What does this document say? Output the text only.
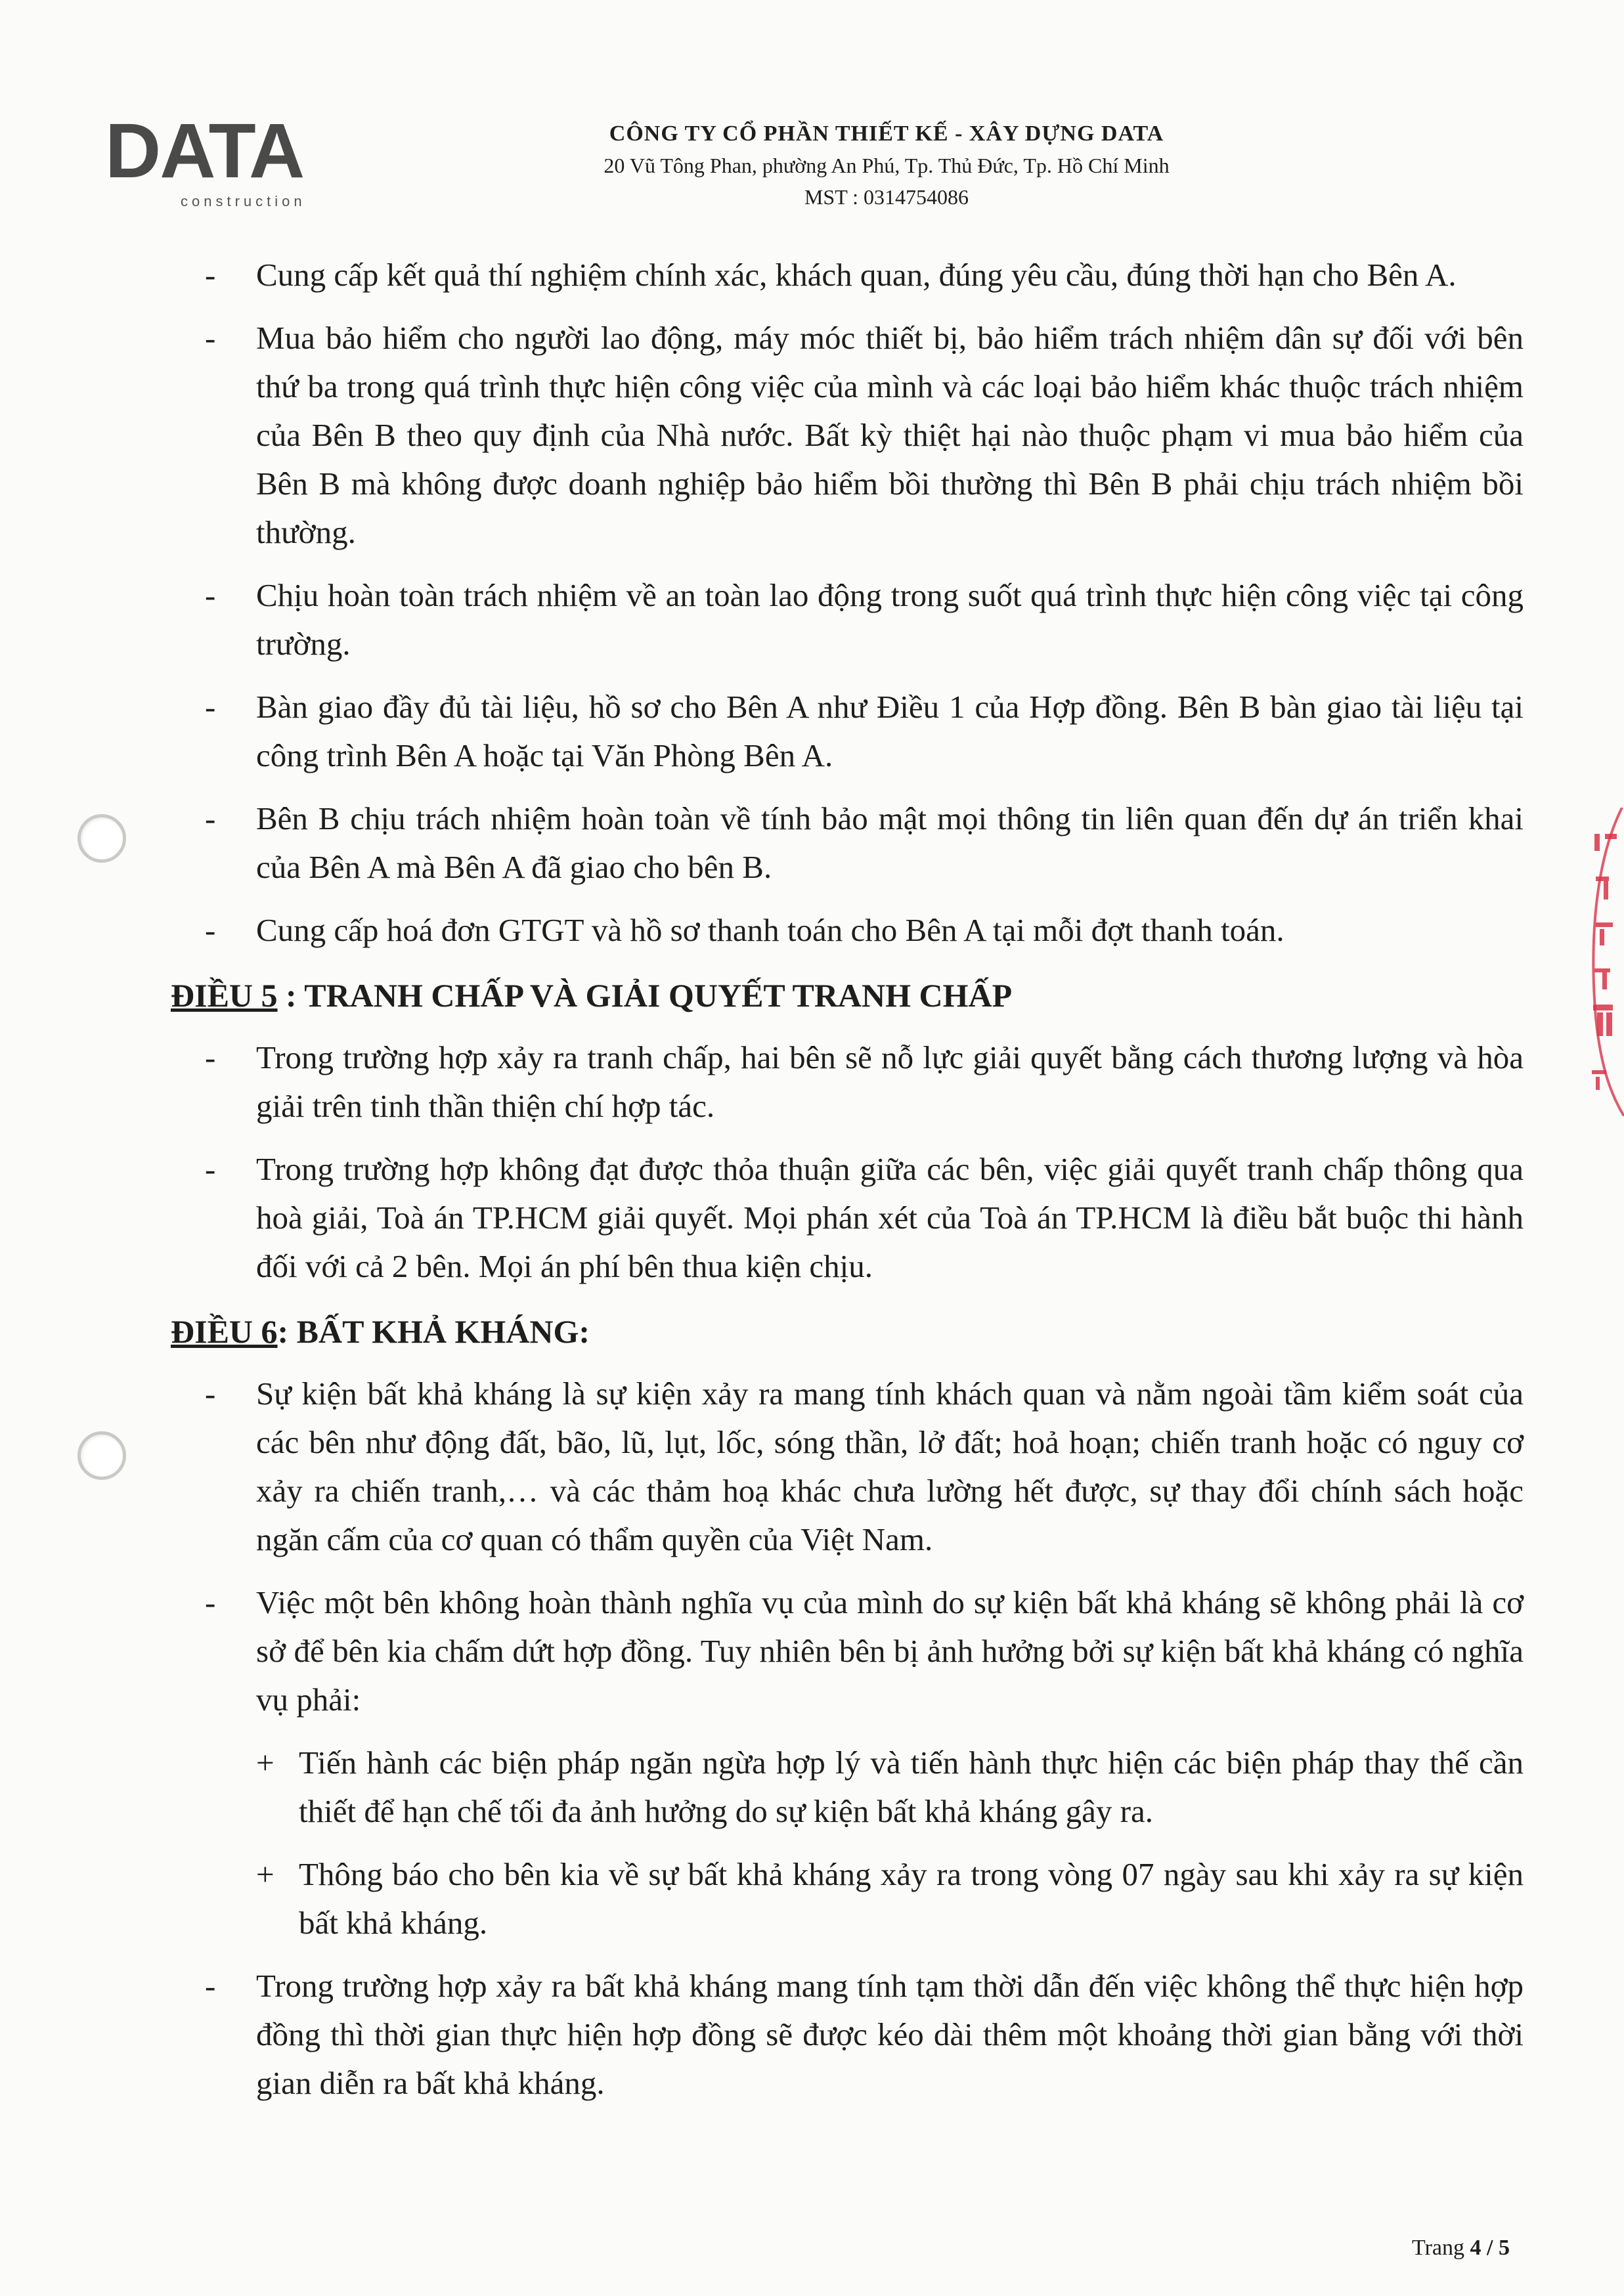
DATA
construction
CÔNG TY CỔ PHẦN THIẾT KẾ - XÂY DỰNG DATA
20 Vũ Tông Phan, phường An Phú, Tp. Thủ Đức, Tp. Hồ Chí Minh
MST : 0314754086
- Cung cấp kết quả thí nghiệm chính xác, khách quan, đúng yêu cầu, đúng thời hạn cho Bên A.
- Mua bảo hiểm cho người lao động, máy móc thiết bị, bảo hiểm trách nhiệm dân sự đối với bên thứ ba trong quá trình thực hiện công việc của mình và các loại bảo hiểm khác thuộc trách nhiệm của Bên B theo quy định của Nhà nước. Bất kỳ thiệt hại nào thuộc phạm vi mua bảo hiểm của Bên B mà không được doanh nghiệp bảo hiểm bồi thường thì Bên B phải chịu trách nhiệm bồi thường.
- Chịu hoàn toàn trách nhiệm về an toàn lao động trong suốt quá trình thực hiện công việc tại công trường.
- Bàn giao đầy đủ tài liệu, hồ sơ cho Bên A như Điều 1 của Hợp đồng. Bên B bàn giao tài liệu tại công trình Bên A hoặc tại Văn Phòng Bên A.
- Bên B chịu trách nhiệm hoàn toàn về tính bảo mật mọi thông tin liên quan đến dự án triển khai của Bên A mà Bên A đã giao cho bên B.
- Cung cấp hoá đơn GTGT và hồ sơ thanh toán cho Bên A tại mỗi đợt thanh toán.
ĐIỀU 5 : TRANH CHẤP VÀ GIẢI QUYẾT TRANH CHẤP
- Trong trường hợp xảy ra tranh chấp, hai bên sẽ nỗ lực giải quyết bằng cách thương lượng và hòa giải trên tinh thần thiện chí hợp tác.
- Trong trường hợp không đạt được thỏa thuận giữa các bên, việc giải quyết tranh chấp thông qua hoà giải, Toà án TP.HCM giải quyết. Mọi phán xét của Toà án TP.HCM là điều bắt buộc thi hành đối với cả 2 bên. Mọi án phí bên thua kiện chịu.
ĐIỀU 6: BẤT KHẢ KHÁNG:
- Sự kiện bất khả kháng là sự kiện xảy ra mang tính khách quan và nằm ngoài tầm kiểm soát của các bên như động đất, bão, lũ, lụt, lốc, sóng thần, lở đất; hoả hoạn; chiến tranh hoặc có nguy cơ xảy ra chiến tranh,… và các thảm hoạ khác chưa lường hết được, sự thay đổi chính sách hoặc ngăn cấm của cơ quan có thẩm quyền của Việt Nam.
- Việc một bên không hoàn thành nghĩa vụ của mình do sự kiện bất khả kháng sẽ không phải là cơ sở để bên kia chấm dứt hợp đồng. Tuy nhiên bên bị ảnh hưởng bởi sự kiện bất khả kháng có nghĩa vụ phải:
+ Tiến hành các biện pháp ngăn ngừa hợp lý và tiến hành thực hiện các biện pháp thay thế cần thiết để hạn chế tối đa ảnh hưởng do sự kiện bất khả kháng gây ra.
+ Thông báo cho bên kia về sự bất khả kháng xảy ra trong vòng 07 ngày sau khi xảy ra sự kiện bất khả kháng.
- Trong trường hợp xảy ra bất khả kháng mang tính tạm thời dẫn đến việc không thể thực hiện hợp đồng thì thời gian thực hiện hợp đồng sẽ được kéo dài thêm một khoảng thời gian bằng với thời gian diễn ra bất khả kháng.
Trang 4 / 5
